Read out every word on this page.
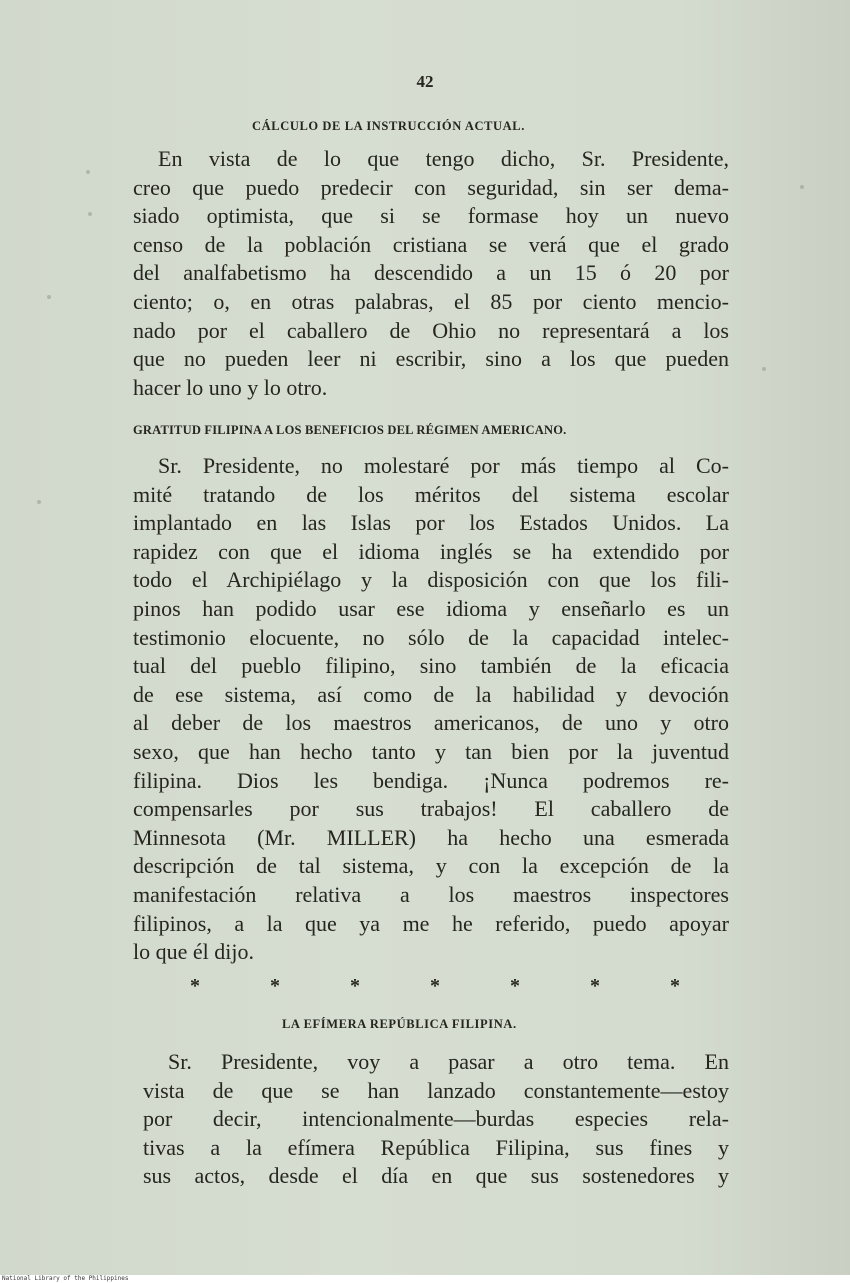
42
CÁLCULO DE LA INSTRUCCIÓN ACTUAL.
En vista de lo que tengo dicho, Sr. Presidente,
creo que puedo predecir con seguridad, sin ser dema-
siado optimista, que si se formase hoy un nuevo
censo de la población cristiana se verá que el grado
del analfabetismo ha descendido a un 15 ó 20 por
ciento; o, en otras palabras, el 85 por ciento mencio-
nado por el caballero de Ohio no representará a los
que no pueden leer ni escribir, sino a los que pueden
hacer lo uno y lo otro.
GRATITUD FILIPINA A LOS BENEFICIOS DEL RÉGIMEN AMERICANO.
Sr. Presidente, no molestaré por más tiempo al Co-
mité tratando de los méritos del sistema escolar
implantado en las Islas por los Estados Unidos. La
rapidez con que el idioma inglés se ha extendido por
todo el Archipiélago y la disposición con que los fili-
pinos han podido usar ese idioma y enseñarlo es un
testimonio elocuente, no sólo de la capacidad intelec-
tual del pueblo filipino, sino también de la eficacia
de ese sistema, así como de la habilidad y devoción
al deber de los maestros americanos, de uno y otro
sexo, que han hecho tanto y tan bien por la juventud
filipina. Dios les bendiga. ¡Nunca podremos re-
compensarles por sus trabajos! El caballero de
Minnesota (Mr. MILLER) ha hecho una esmerada
descripción de tal sistema, y con la excepción de la
manifestación relativa a los maestros inspectores
filipinos, a la que ya me he referido, puedo apoyar
lo que él dijo.
*	*	*	*	*	*	*
LA EFÍMERA REPÚBLICA FILIPINA.
Sr. Presidente, voy a pasar a otro tema. En
vista de que se han lanzado constantemente—estoy
por decir, intencionalmente—burdas especies rela-
tivas a la efímera República Filipina, sus fines y
sus actos, desde el día en que sus sostenedores y
National Library of the Philippines
